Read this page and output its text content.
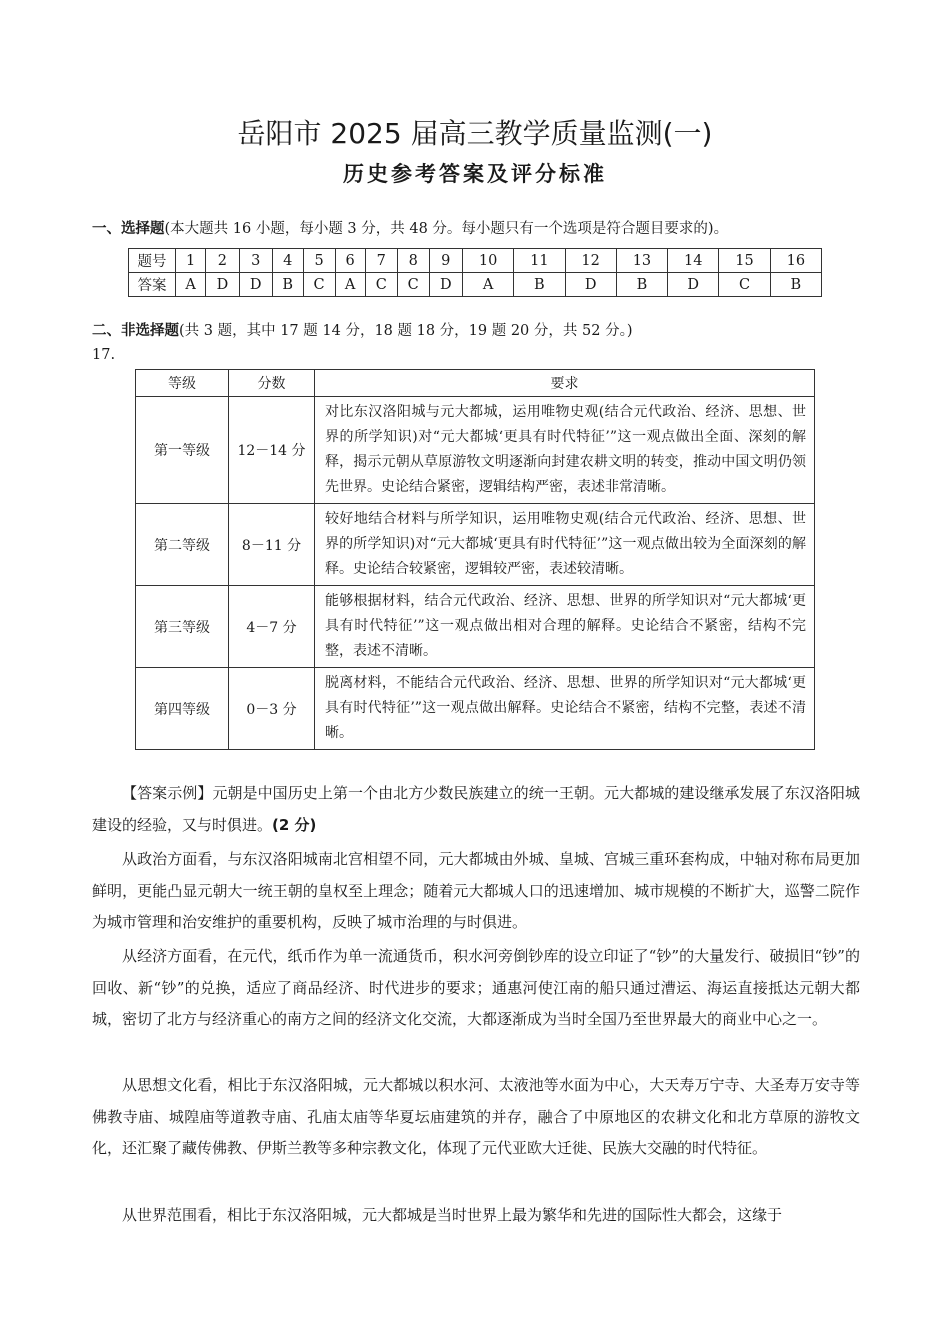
岳阳市 2025 届高三教学质量监测(一)
历史参考答案及评分标准
一、选择题(本大题共 16 小题，每小题 3 分，共 48 分。每小题只有一个选项是符合题目要求的)。
题号	1	2	3	4	5	6	7	8	9	10	11	12	13	14	15	16
答案	A	D	D	B	C	A	C	C	D	A	B	D	B	D	C	B
二、非选择题(共 3 题，其中 17 题 14 分，18 题 18 分，19 题 20 分，共 52 分。)
17.
等级	分数	要求
第一等级	12－14 分	对比东汉洛阳城与元大都城，运用唯物史观(结合元代政治、经济、思想、世界的所学知识)对“元大都城‘更具有时代特征’”这一观点做出全面、深刻的解释，揭示元朝从草原游牧文明逐渐向封建农耕文明的转变，推动中国文明仍领先世界。史论结合紧密，逻辑结构严密，表述非常清晰。
第二等级	8－11 分	较好地结合材料与所学知识，运用唯物史观(结合元代政治、经济、思想、世界的所学知识)对“元大都城‘更具有时代特征’”这一观点做出较为全面深刻的解释。史论结合较紧密，逻辑较严密，表述较清晰。
第三等级	4－7 分	能够根据材料，结合元代政治、经济、思想、世界的所学知识对“元大都城‘更具有时代特征’”这一观点做出相对合理的解释。史论结合不紧密，结构不完整，表述不清晰。
第四等级	0－3 分	脱离材料，不能结合元代政治、经济、思想、世界的所学知识对“元大都城‘更具有时代特征’”这一观点做出解释。史论结合不紧密，结构不完整，表述不清晰。
【答案示例】元朝是中国历史上第一个由北方少数民族建立的统一王朝。元大都城的建设继承发展了东汉洛阳城建设的经验，又与时俱进。(2 分)
从政治方面看，与东汉洛阳城南北宫相望不同，元大都城由外城、皇城、宫城三重环套构成，中轴对称布局更加鲜明，更能凸显元朝大一统王朝的皇权至上理念；随着元大都城人口的迅速增加、城市规模的不断扩大，巡警二院作为城市管理和治安维护的重要机构，反映了城市治理的与时俱进。
从经济方面看，在元代，纸币作为单一流通货币，积水河旁倒钞库的设立印证了“钞”的大量发行、破损旧“钞”的回收、新“钞”的兑换，适应了商品经济、时代进步的要求；通惠河使江南的船只通过漕运、海运直接抵达元朝大都城，密切了北方与经济重心的南方之间的经济文化交流，大都逐渐成为当时全国乃至世界最大的商业中心之一。
从思想文化看，相比于东汉洛阳城，元大都城以积水河、太液池等水面为中心，大天寿万宁寺、大圣寿万安寺等佛教寺庙、城隍庙等道教寺庙、孔庙太庙等华夏坛庙建筑的并存，融合了中原地区的农耕文化和北方草原的游牧文化，还汇聚了藏传佛教、伊斯兰教等多种宗教文化，体现了元代亚欧大迁徙、民族大交融的时代特征。
从世界范围看，相比于东汉洛阳城，元大都城是当时世界上最为繁华和先进的国际性大都会，这缘于
